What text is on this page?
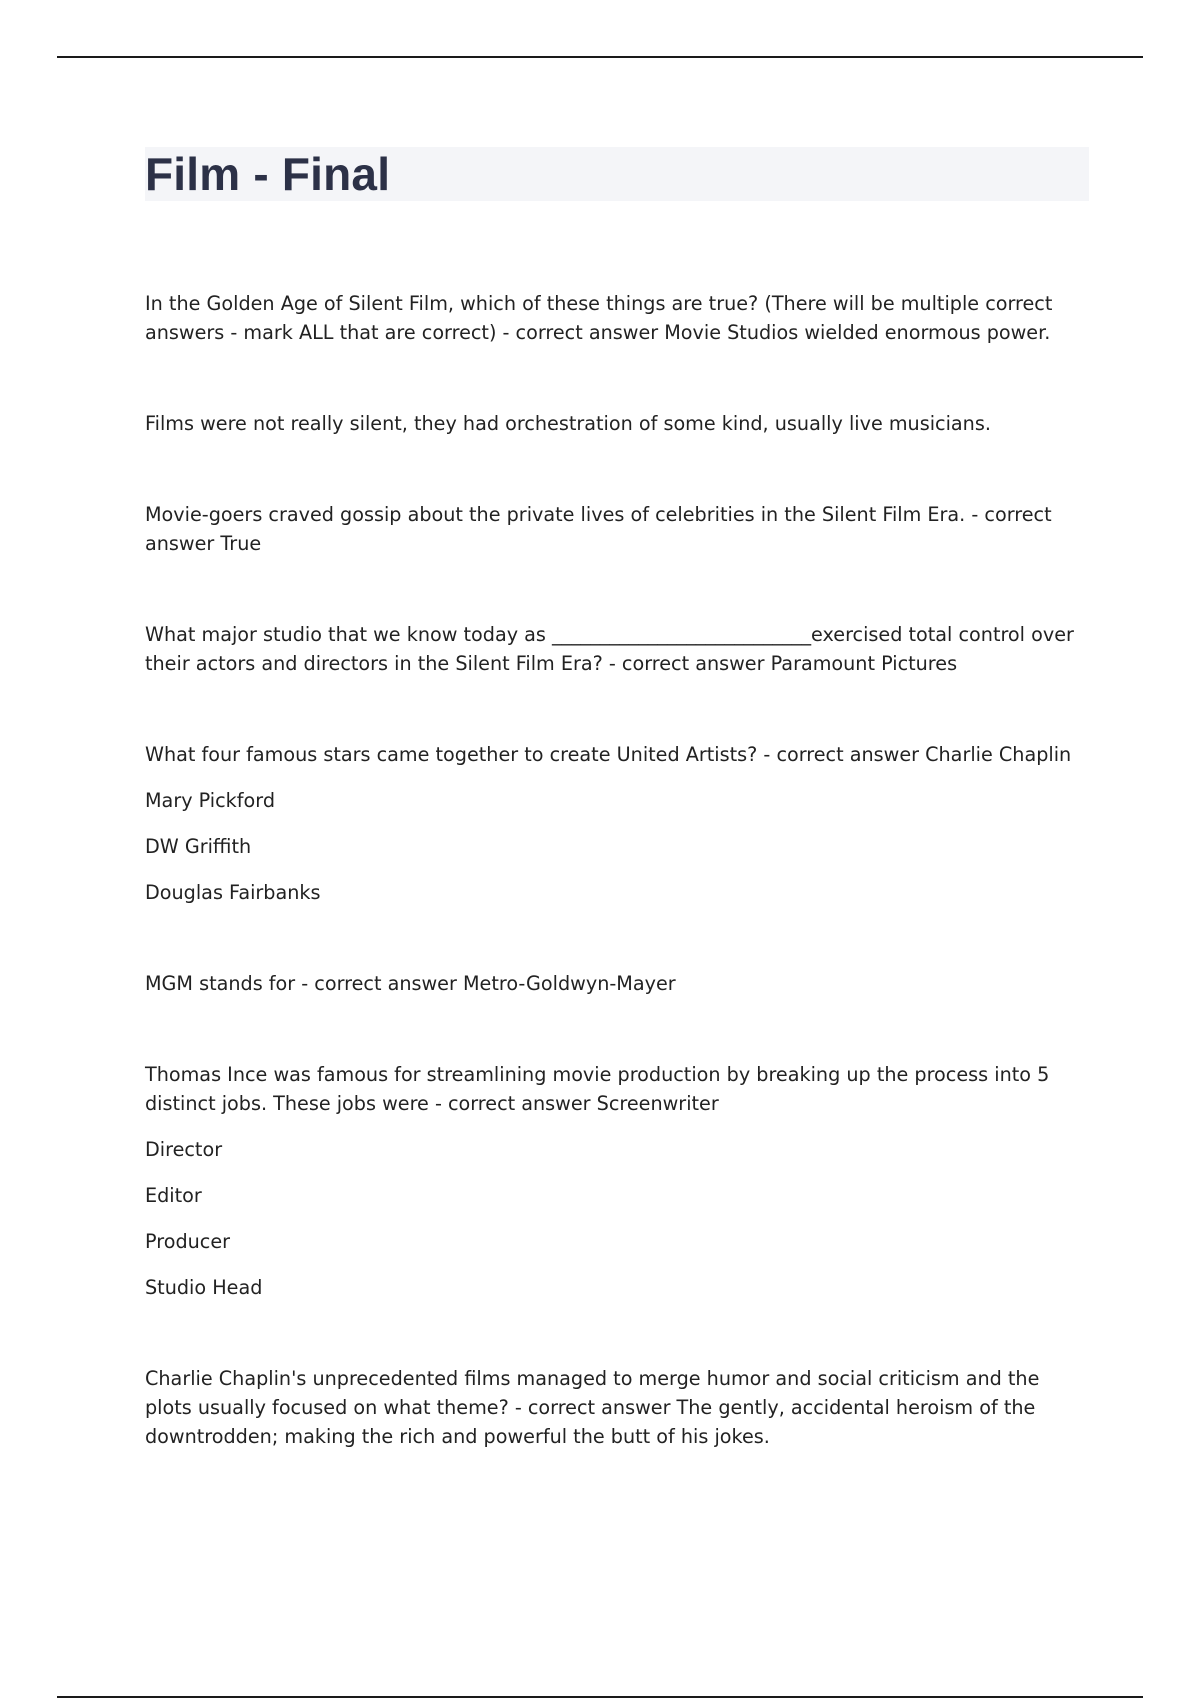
Film - Final

In the Golden Age of Silent Film, which of these things are true? (There will be multiple correct answers - mark ALL that are correct) - correct answer Movie Studios wielded enormous power.

Films were not really silent, they had orchestration of some kind, usually live musicians.

Movie-goers craved gossip about the private lives of celebrities in the Silent Film Era. - correct answer True

What major studio that we know today as ___________________________exercised total control over their actors and directors in the Silent Film Era? - correct answer Paramount Pictures

What four famous stars came together to create United Artists? - correct answer Charlie Chaplin

Mary Pickford

DW Griffith

Douglas Fairbanks

MGM stands for - correct answer Metro-Goldwyn-Mayer

Thomas Ince was famous for streamlining movie production by breaking up the process into 5 distinct jobs. These jobs were - correct answer Screenwriter

Director

Editor

Producer

Studio Head

Charlie Chaplin's unprecedented films managed to merge humor and social criticism and the plots usually focused on what theme? - correct answer The gently, accidental heroism of the downtrodden; making the rich and powerful the butt of his jokes.
